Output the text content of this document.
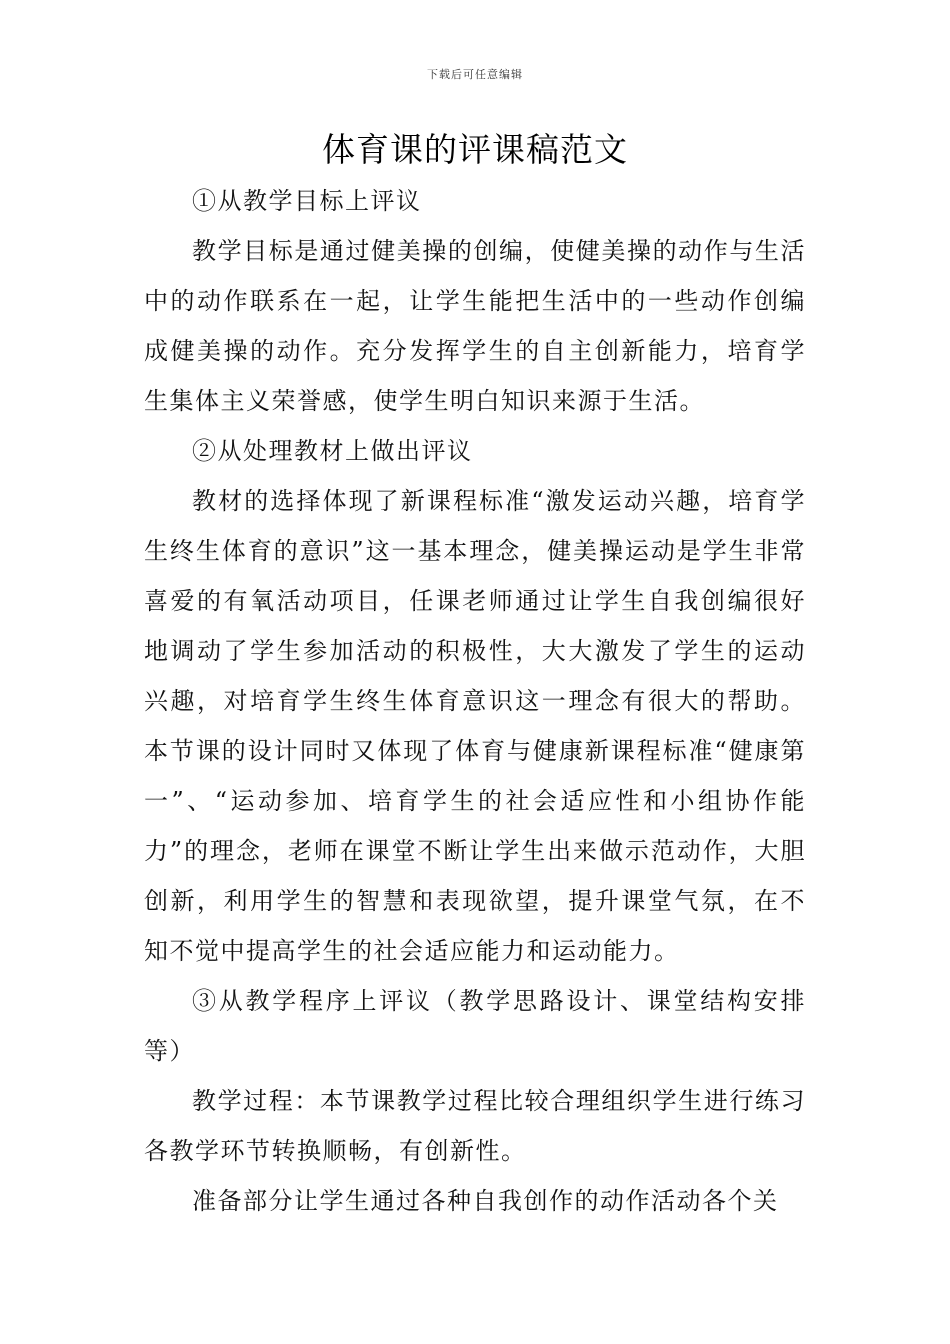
下载后可任意编辑
体育课的评课稿范文

①从教学目标上评议

教学目标是通过健美操的创编，使健美操的动作与生活中的动作联系在一起，让学生能把生活中的一些动作创编成健美操的动作。充分发挥学生的自主创新能力，培育学生集体主义荣誉感，使学生明白知识来源于生活。

②从处理教材上做出评议

教材的选择体现了新课程标准“激发运动兴趣，培育学生终生体育的意识”这一基本理念，健美操运动是学生非常喜爱的有氧活动项目，任课老师通过让学生自我创编很好地调动了学生参加活动的积极性，大大激发了学生的运动兴趣，对培育学生终生体育意识这一理念有很大的帮助。本节课的设计同时又体现了体育与健康新课程标准“健康第一”、“运动参加、培育学生的社会适应性和小组协作能力”的理念，老师在课堂不断让学生出来做示范动作，大胆创新，利用学生的智慧和表现欲望，提升课堂气氛，在不知不觉中提高学生的社会适应能力和运动能力。

③从教学程序上评议（教学思路设计、课堂结构安排等）

教学过程：本节课教学过程比较合理组织学生进行练习各教学环节转换顺畅，有创新性。

准备部分让学生通过各种自我创作的动作活动各个关
